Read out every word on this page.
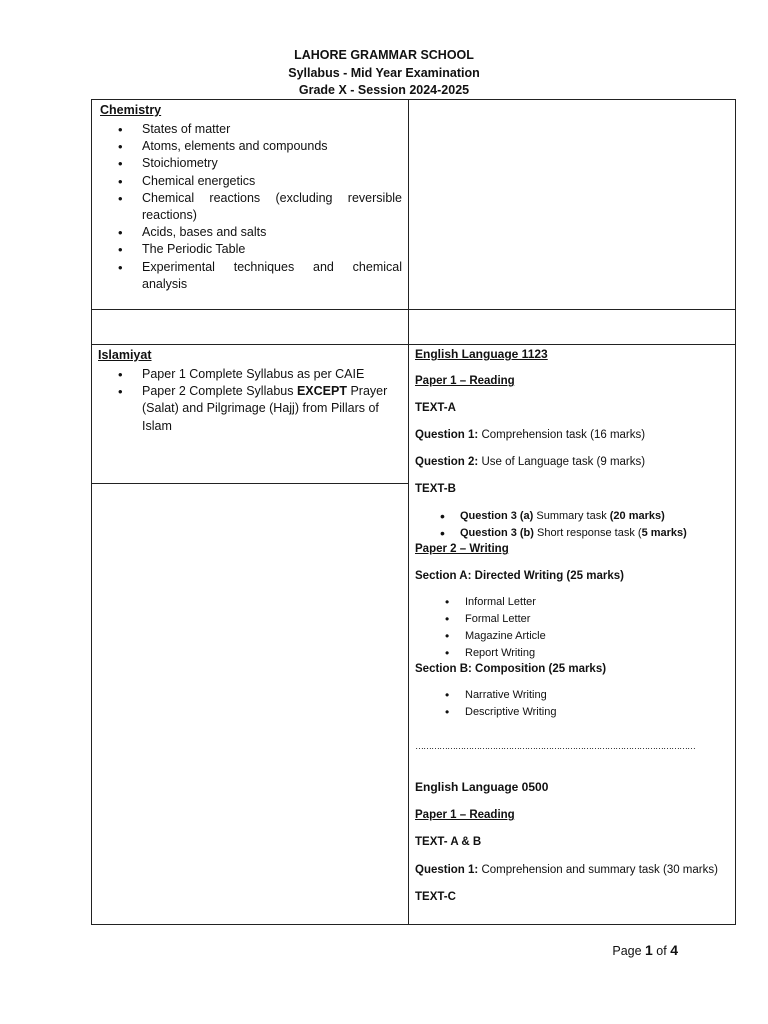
LAHORE GRAMMAR SCHOOL
Syllabus - Mid Year Examination
Grade X - Session 2024-2025
Chemistry
• States of matter
• Atoms, elements and compounds
• Stoichiometry
• Chemical energetics
• Chemical reactions (excluding reversible reactions)
• Acids, bases and salts
• The Periodic Table
• Experimental techniques and chemical analysis
Islamiyat
• Paper 1 Complete Syllabus as per CAIE
• Paper 2 Complete Syllabus EXCEPT Prayer (Salat) and Pilgrimage (Hajj) from Pillars of Islam

English Language 1123

Paper 1 – Reading

TEXT-A

Question 1: Comprehension task (16 marks)

Question 2: Use of Language task (9 marks)

TEXT-B

• Question 3 (a) Summary task (20 marks)
• Question 3 (b) Short response task (5 marks)

Paper 2 – Writing

Section A: Directed Writing (25 marks)

• Informal Letter
• Formal Letter
• Magazine Article
• Report Writing

Section B: Composition (25 marks)

• Narrative Writing
• Descriptive Writing

……………………………………………………………………………………………

English Language 0500

Paper 1 – Reading

TEXT- A & B

Question 1: Comprehension and summary task (30 marks)

TEXT-C

Page 1 of 4
